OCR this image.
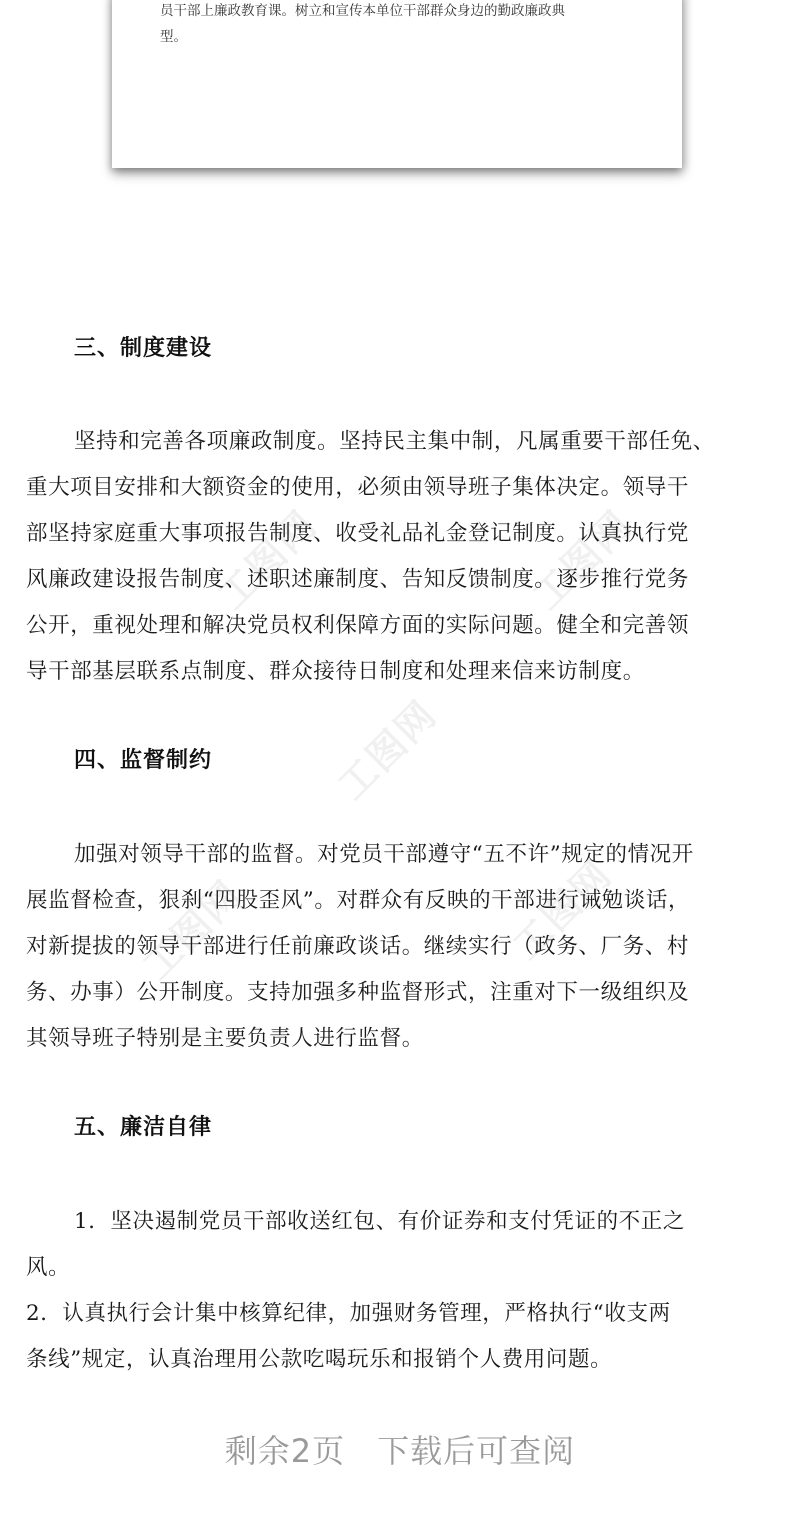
员干部上廉政教育课。树立和宣传本单位干部群众身边的勤政廉政典
型。
工图网	工图网
工图网
工图网	工图网
三、制度建设
坚持和完善各项廉政制度。坚持民主集中制，凡属重要干部任免、
重大项目安排和大额资金的使用，必须由领导班子集体决定。领导干
部坚持家庭重大事项报告制度、收受礼品礼金登记制度。认真执行党
风廉政建设报告制度、述职述廉制度、告知反馈制度。逐步推行党务
公开，重视处理和解决党员权利保障方面的实际问题。健全和完善领
导干部基层联系点制度、群众接待日制度和处理来信来访制度。
四、监督制约
加强对领导干部的监督。对党员干部遵守“五不许”规定的情况开
展监督检查，狠刹“四股歪风”。对群众有反映的干部进行诫勉谈话，
对新提拔的领导干部进行任前廉政谈话。继续实行（政务、厂务、村
务、办事）公开制度。支持加强多种监督形式，注重对下一级组织及
其领导班子特别是主要负责人进行监督。
五、廉洁自律
1．坚决遏制党员干部收送红包、有价证券和支付凭证的不正之
风。
2．认真执行会计集中核算纪律，加强财务管理，严格执行“收支两
条线”规定，认真治理用公款吃喝玩乐和报销个人费用问题。
剩余2页 下载后可查阅
